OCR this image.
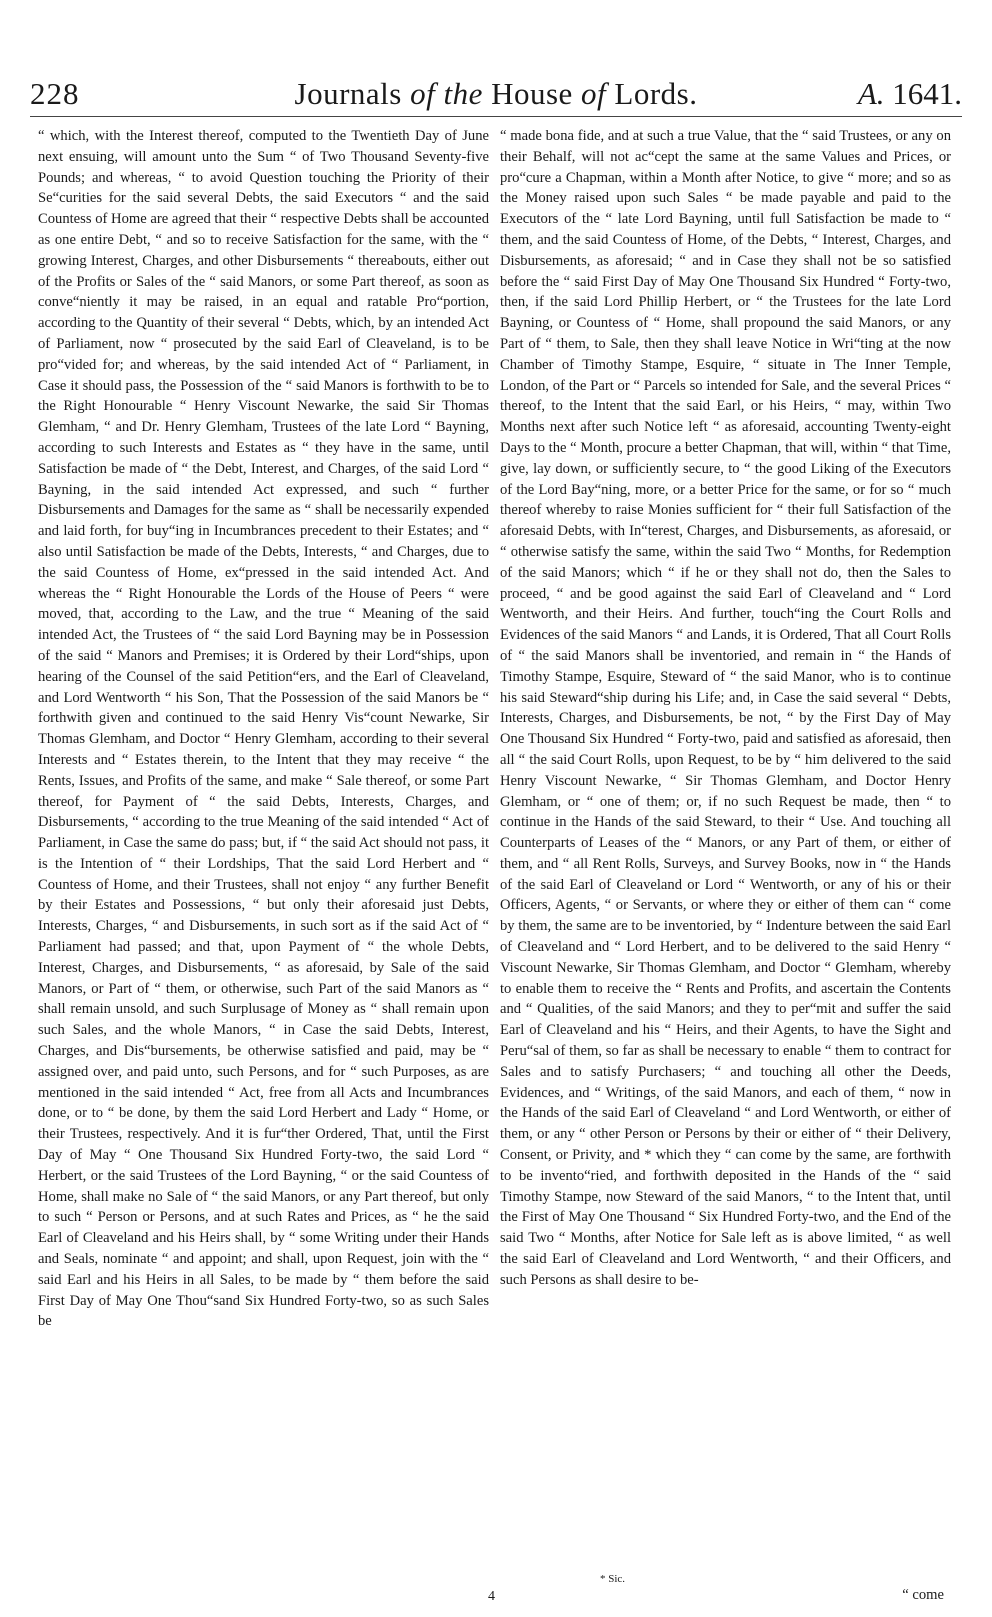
228	Journals of the House of Lords.	A. 1641.

“ which, with the Interest thereof, computed to the Twentieth Day of June next ensuing, will amount unto the Sum “ of Two Thousand Seventy-five Pounds; and whereas, “ to avoid Question touching the Priority of their Se“curities for the said several Debts, the said Executors “ and the said Countess of Home are agreed that their “ respective Debts shall be accounted as one entire Debt, “ and so to receive Satisfaction for the same, with the “ growing Interest, Charges, and other Disbursements “ thereabouts, either out of the Profits or Sales of the “ said Manors, or some Part thereof, as soon as conve“niently it may be raised, in an equal and ratable Pro“portion, according to the Quantity of their several “ Debts, which, by an intended Act of Parliament, now “ prosecuted by the said Earl of Cleaveland, is to be pro“vided for; and whereas, by the said intended Act of “ Parliament, in Case it should pass, the Possession of the “ said Manors is forthwith to be to the Right Honourable “ Henry Viscount Newarke, the said Sir Thomas Glemham, “ and Dr. Henry Glemham, Trustees of the late Lord “ Bayning, according to such Interests and Estates as “ they have in the same, until Satisfaction be made of “ the Debt, Interest, and Charges, of the said Lord “ Bayning, in the said intended Act expressed, and such “ further Disbursements and Damages for the same as “ shall be necessarily expended and laid forth, for buy“ing in Incumbrances precedent to their Estates; and “ also until Satisfaction be made of the Debts, Interests, “ and Charges, due to the said Countess of Home, ex“pressed in the said intended Act. And whereas the “ Right Honourable the Lords of the House of Peers “ were moved, that, according to the Law, and the true “ Meaning of the said intended Act, the Trustees of “ the said Lord Bayning may be in Possession of the said “ Manors and Premises; it is Ordered by their Lord“ships, upon hearing of the Counsel of the said Petition“ers, and the Earl of Cleaveland, and Lord Wentworth “ his Son, That the Possession of the said Manors be “ forthwith given and continued to the said Henry Vis“count Newarke, Sir Thomas Glemham, and Doctor “ Henry Glemham, according to their several Interests and “ Estates therein, to the Intent that they may receive “ the Rents, Issues, and Profits of the same, and make “ Sale thereof, or some Part thereof, for Payment of “ the said Debts, Interests, Charges, and Disbursements, “ according to the true Meaning of the said intended “ Act of Parliament, in Case the same do pass; but, if “ the said Act should not pass, it is the Intention of “ their Lordships, That the said Lord Herbert and “ Countess of Home, and their Trustees, shall not enjoy “ any further Benefit by their Estates and Possessions, “ but only their aforesaid just Debts, Interests, Charges, “ and Disbursements, in such sort as if the said Act of “ Parliament had passed; and that, upon Payment of “ the whole Debts, Interest, Charges, and Disbursements, “ as aforesaid, by Sale of the said Manors, or Part of “ them, or otherwise, such Part of the said Manors as “ shall remain unsold, and such Surplusage of Money as “ shall remain upon such Sales, and the whole Manors, “ in Case the said Debts, Interest, Charges, and Dis“bursements, be otherwise satisfied and paid, may be “ assigned over, and paid unto, such Persons, and for “ such Purposes, as are mentioned in the said intended “ Act, free from all Acts and Incumbrances done, or to “ be done, by them the said Lord Herbert and Lady “ Home, or their Trustees, respectively. And it is fur“ther Ordered, That, until the First Day of May “ One Thousand Six Hundred Forty-two, the said Lord “ Herbert, or the said Trustees of the Lord Bayning, “ or the said Countess of Home, shall make no Sale of “ the said Manors, or any Part thereof, but only to such “ Person or Persons, and at such Rates and Prices, as “ he the said Earl of Cleaveland and his Heirs shall, by “ some Writing under their Hands and Seals, nominate “ and appoint; and shall, upon Request, join with the “ said Earl and his Heirs in all Sales, to be made by “ them before the said First Day of May One Thou“sand Six Hundred Forty-two, so as such Sales be

“ made bona fide, and at such a true Value, that the “ said Trustees, or any on their Behalf, will not ac“cept the same at the same Values and Prices, or pro“cure a Chapman, within a Month after Notice, to give “ more; and so as the Money raised upon such Sales “ be made payable and paid to the Executors of the “ late Lord Bayning, until full Satisfaction be made to “ them, and the said Countess of Home, of the Debts, “ Interest, Charges, and Disbursements, as aforesaid; “ and in Case they shall not be so satisfied before the “ said First Day of May One Thousand Six Hundred “ Forty-two, then, if the said Lord Phillip Herbert, or “ the Trustees for the late Lord Bayning, or Countess of “ Home, shall propound the said Manors, or any Part of “ them, to Sale, then they shall leave Notice in Wri“ting at the now Chamber of Timothy Stampe, Esquire, “ situate in The Inner Temple, London, of the Part or “ Parcels so intended for Sale, and the several Prices “ thereof, to the Intent that the said Earl, or his Heirs, “ may, within Two Months next after such Notice left “ as aforesaid, accounting Twenty-eight Days to the “ Month, procure a better Chapman, that will, within “ that Time, give, lay down, or sufficiently secure, to “ the good Liking of the Executors of the Lord Bay“ning, more, or a better Price for the same, or for so “ much thereof whereby to raise Monies sufficient for “ their full Satisfaction of the aforesaid Debts, with In“terest, Charges, and Disbursements, as aforesaid, or “ otherwise satisfy the same, within the said Two “ Months, for Redemption of the said Manors; which “ if he or they shall not do, then the Sales to proceed, “ and be good against the said Earl of Cleaveland and “ Lord Wentworth, and their Heirs. And further, touch“ing the Court Rolls and Evidences of the said Manors “ and Lands, it is Ordered, That all Court Rolls of “ the said Manors shall be inventoried, and remain in “ the Hands of Timothy Stampe, Esquire, Steward of “ the said Manor, who is to continue his said Steward“ship during his Life; and, in Case the said several “ Debts, Interests, Charges, and Disbursements, be not, “ by the First Day of May One Thousand Six Hundred “ Forty-two, paid and satisfied as aforesaid, then all “ the said Court Rolls, upon Request, to be by “ him delivered to the said Henry Viscount Newarke, “ Sir Thomas Glemham, and Doctor Henry Glemham, or “ one of them; or, if no such Request be made, then “ to continue in the Hands of the said Steward, to their “ Use. And touching all Counterparts of Leases of the “ Manors, or any Part of them, or either of them, and “ all Rent Rolls, Surveys, and Survey Books, now in “ the Hands of the said Earl of Cleaveland or Lord “ Wentworth, or any of his or their Officers, Agents, “ or Servants, or where they or either of them can “ come by them, the same are to be inventoried, by “ Indenture between the said Earl of Cleaveland and “ Lord Herbert, and to be delivered to the said Henry “ Viscount Newarke, Sir Thomas Glemham, and Doctor “ Glemham, whereby to enable them to receive the “ Rents and Profits, and ascertain the Contents and “ Qualities, of the said Manors; and they to per“mit and suffer the said Earl of Cleaveland and his “ Heirs, and their Agents, to have the Sight and Peru“sal of them, so far as shall be necessary to enable “ them to contract for Sales and to satisfy Purchasers; “ and touching all other the Deeds, Evidences, and “ Writings, of the said Manors, and each of them, “ now in the Hands of the said Earl of Cleaveland “ and Lord Wentworth, or either of them, or any “ other Person or Persons by their or either of “ their Delivery, Consent, or Privity, and * which they “ can come by the same, are forthwith to be invento“ried, and forthwith deposited in the Hands of the “ said Timothy Stampe, now Steward of the said Manors, “ to the Intent that, until the First of May One Thousand “ Six Hundred Forty-two, and the End of the said Two “ Months, after Notice for Sale left as is above limited, “ as well the said Earl of Cleaveland and Lord Wentworth, “ and their Officers, and such Persons as shall desire to be-

* Sic.
4	“ come
